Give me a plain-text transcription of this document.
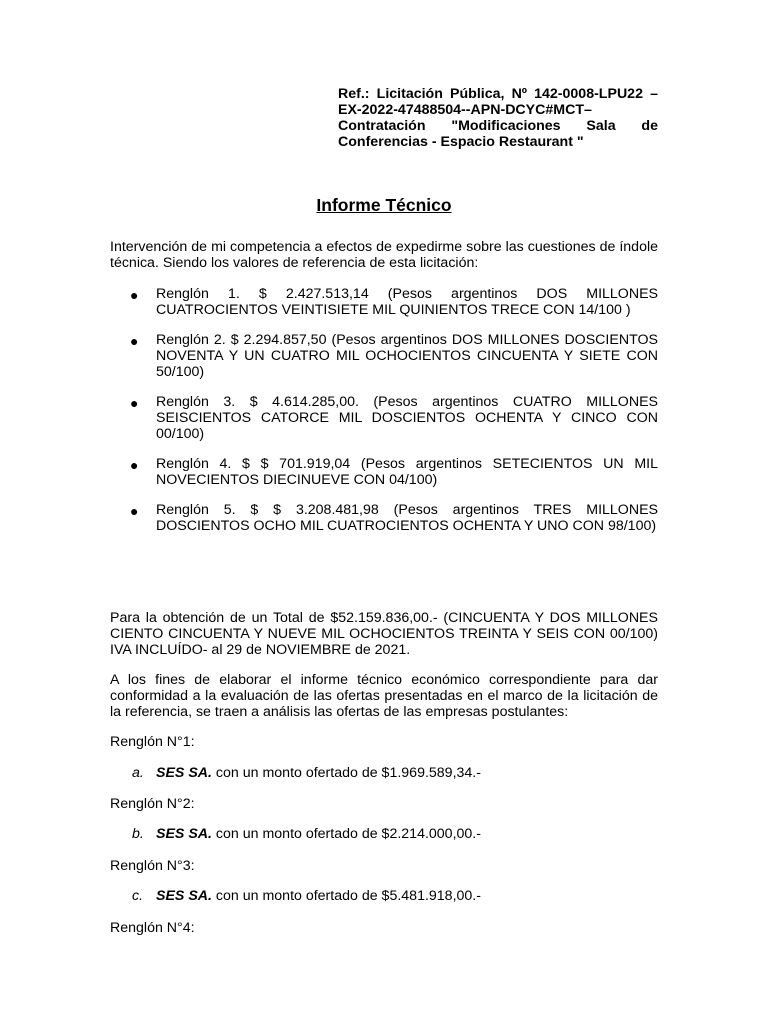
Ref.: Licitación Pública, Nº 142-0008-LPU22 –
EX-2022-47488504--APN-DCYC#MCT–
Contratación "Modificaciones Sala de
Conferencias - Espacio Restaurant "
Informe Técnico
Intervención de mi competencia a efectos de expedirme sobre las cuestiones de índole técnica. Siendo los valores de referencia de esta licitación:
● Renglón 1. $ 2.427.513,14 (Pesos argentinos DOS MILLONES CUATROCIENTOS VEINTISIETE MIL QUINIENTOS TRECE CON 14/100 )
● Renglón 2. $ 2.294.857,50 (Pesos argentinos DOS MILLONES DOSCIENTOS NOVENTA Y UN CUATRO MIL OCHOCIENTOS CINCUENTA Y SIETE CON 50/100)
● Renglón 3. $ 4.614.285,00. (Pesos argentinos CUATRO MILLONES SEISCIENTOS CATORCE MIL DOSCIENTOS OCHENTA Y CINCO CON 00/100)
● Renglón 4. $ $ 701.919,04 (Pesos argentinos SETECIENTOS UN MIL NOVECIENTOS DIECINUEVE CON 04/100)
● Renglón 5. $ $ 3.208.481,98 (Pesos argentinos TRES MILLONES DOSCIENTOS OCHO MIL CUATROCIENTOS OCHENTA Y UNO CON 98/100)
Para la obtención de un Total de $52.159.836,00.- (CINCUENTA Y DOS MILLONES CIENTO CINCUENTA Y NUEVE MIL OCHOCIENTOS TREINTA Y SEIS CON 00/100) IVA INCLUÍDO- al 29 de NOVIEMBRE de 2021.
A los fines de elaborar el informe técnico económico correspondiente para dar conformidad a la evaluación de las ofertas presentadas en el marco de la licitación de la referencia, se traen a análisis las ofertas de las empresas postulantes:
Renglón N°1:
a. SES SA. con un monto ofertado de $1.969.589,34.-
Renglón N°2:
b. SES SA. con un monto ofertado de $2.214.000,00.-
Renglón N°3:
c. SES SA. con un monto ofertado de $5.481.918,00.-
Renglón N°4:
